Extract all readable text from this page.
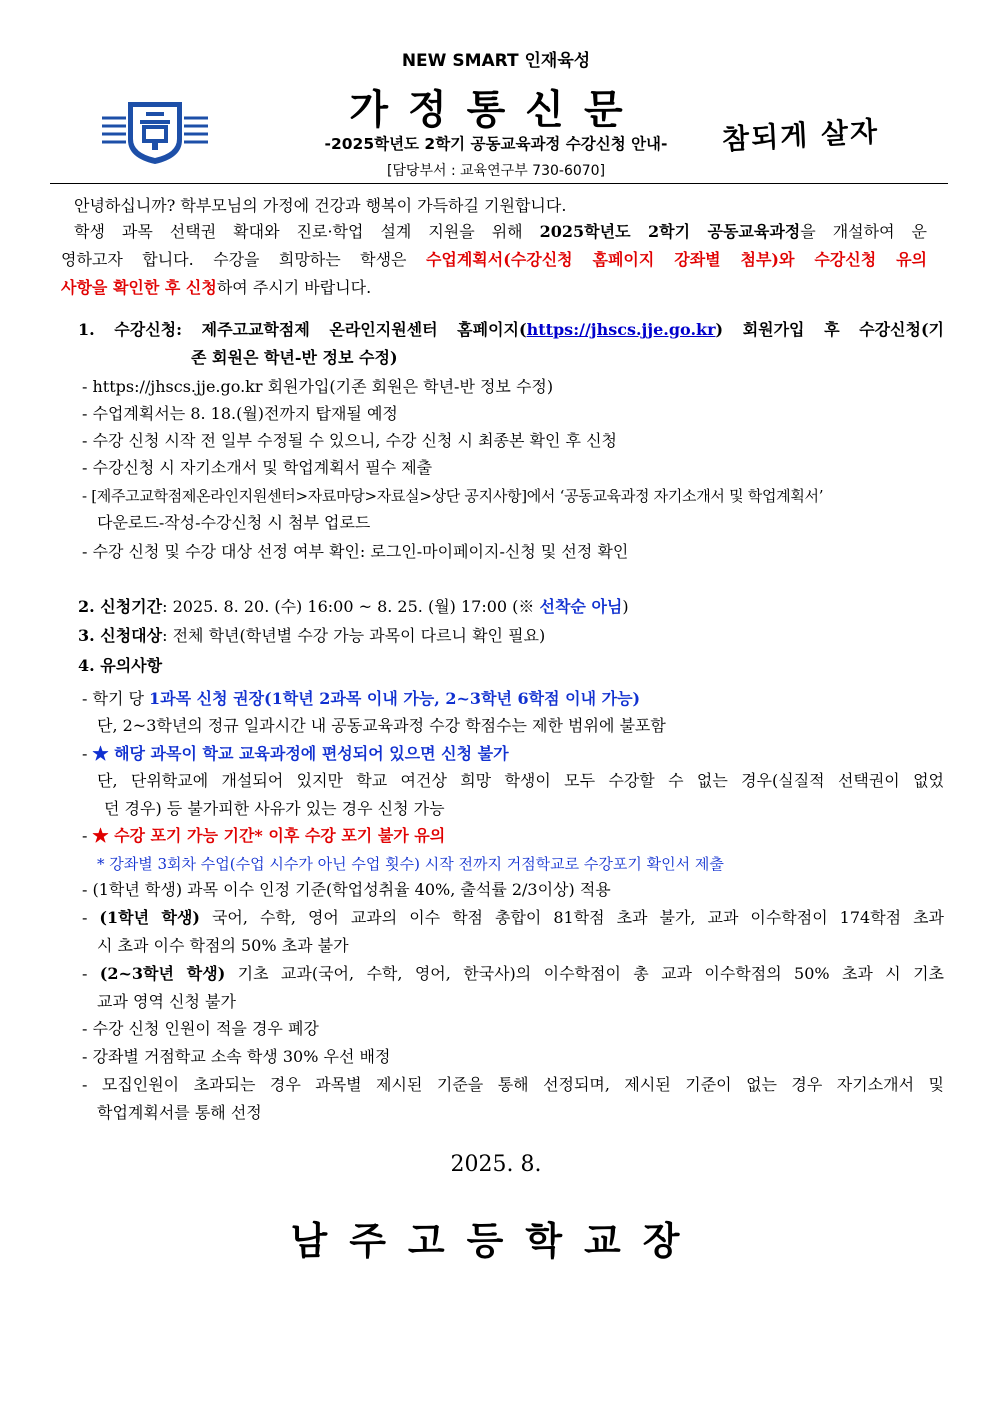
NEW SMART 인재육성
가정통신문
-2025학년도 2학기 공동교육과정 수강신청 안내-
[담당부서 : 교육연구부 730-6070]
참되게 살자
안녕하십니까? 학부모님의 가정에 건강과 행복이 가득하길 기원합니다.
학생 과목 선택권 확대와 진로·학업 설계 지원을 위해 2025학년도 2학기 공동교육과정을 개설하여 운
영하고자 합니다. 수강을 희망하는 학생은 수업계획서(수강신청 홈페이지 강좌별 첨부)와 수강신청 유의
사항을 확인한 후 신청하여 주시기 바랍니다.
1. 수강신청: 제주고교학점제 온라인지원센터 홈페이지(https://jhscs.jje.go.kr) 회원가입 후 수강신청(기
존 회원은 학년-반 정보 수정)
- https://jhscs.jje.go.kr 회원가입(기존 회원은 학년-반 정보 수정)
- 수업계획서는 8. 18.(월)전까지 탑재될 예정
- 수강 신청 시작 전 일부 수정될 수 있으니, 수강 신청 시 최종본 확인 후 신청
- 수강신청 시 자기소개서 및 학업계획서 필수 제출
- [제주고교학점제온라인지원센터>자료마당>자료실>상단 공지사항]에서 ‘공동교육과정 자기소개서 및 학업계획서’
다운로드-작성-수강신청 시 첨부 업로드
- 수강 신청 및 수강 대상 선정 여부 확인: 로그인-마이페이지-신청 및 선정 확인
2. 신청기간: 2025. 8. 20. (수) 16:00 ~ 8. 25. (월) 17:00 (※ 선착순 아님)
3. 신청대상: 전체 학년(학년별 수강 가능 과목이 다르니 확인 필요)
4. 유의사항
- 학기 당 1과목 신청 권장(1학년 2과목 이내 가능, 2~3학년 6학점 이내 가능)
단, 2~3학년의 정규 일과시간 내 공동교육과정 수강 학점수는 제한 범위에 불포함
- ★ 해당 과목이 학교 교육과정에 편성되어 있으면 신청 불가
단, 단위학교에 개설되어 있지만 학교 여건상 희망 학생이 모두 수강할 수 없는 경우(실질적 선택권이 없었
던 경우) 등 불가피한 사유가 있는 경우 신청 가능
- ★ 수강 포기 가능 기간* 이후 수강 포기 불가 유의
* 강좌별 3회차 수업(수업 시수가 아닌 수업 횟수) 시작 전까지 거점학교로 수강포기 확인서 제출
- (1학년 학생) 과목 이수 인정 기준(학업성취율 40%, 출석률 2/3이상) 적용
- (1학년 학생) 국어, 수학, 영어 교과의 이수 학점 총합이 81학점 초과 불가, 교과 이수학점이 174학점 초과
시 초과 이수 학점의 50% 초과 불가
- (2~3학년 학생) 기초 교과(국어, 수학, 영어, 한국사)의 이수학점이 총 교과 이수학점의 50% 초과 시 기초
교과 영역 신청 불가
- 수강 신청 인원이 적을 경우 폐강
- 강좌별 거점학교 소속 학생 30% 우선 배정
- 모집인원이 초과되는 경우 과목별 제시된 기준을 통해 선정되며, 제시된 기준이 없는 경우 자기소개서 및
학업계획서를 통해 선정
2025. 8.
남주고등학교장
